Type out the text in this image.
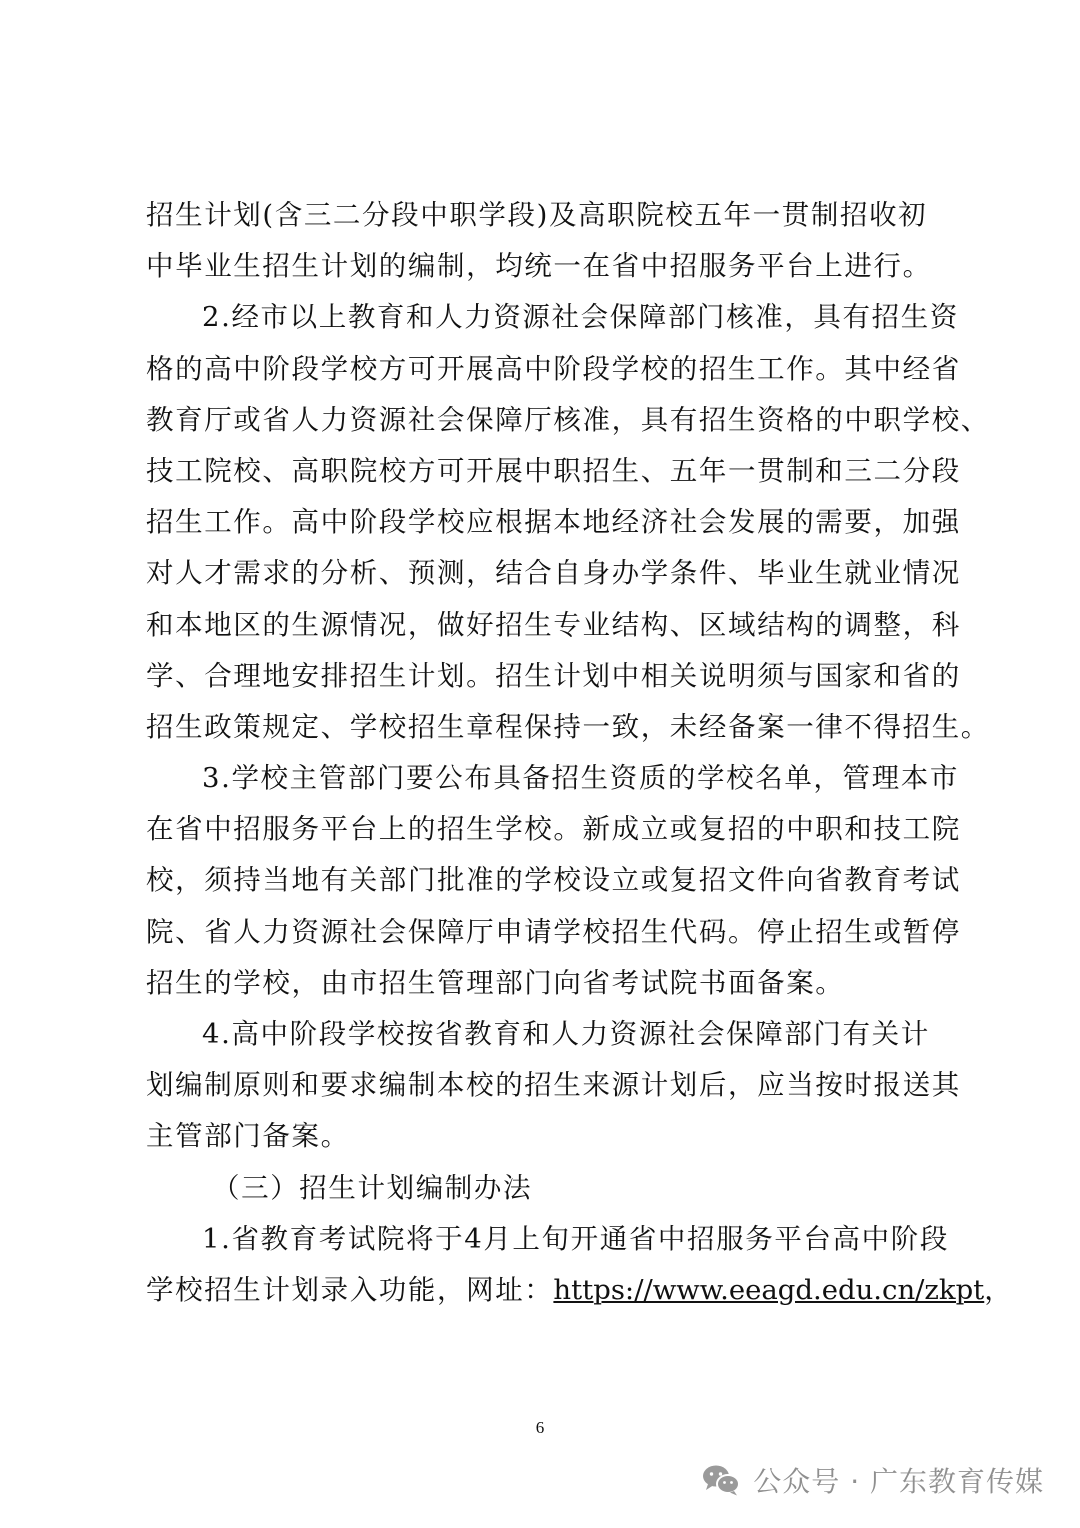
招生计划(含三二分段中职学段)及高职院校五年一贯制招收初
中毕业生招生计划的编制，均统一在省中招服务平台上进行。
2.经市以上教育和人力资源社会保障部门核准，具有招生资
格的高中阶段学校方可开展高中阶段学校的招生工作。其中经省
教育厅或省人力资源社会保障厅核准，具有招生资格的中职学校、
技工院校、高职院校方可开展中职招生、五年一贯制和三二分段
招生工作。高中阶段学校应根据本地经济社会发展的需要，加强
对人才需求的分析、预测，结合自身办学条件、毕业生就业情况
和本地区的生源情况，做好招生专业结构、区域结构的调整，科
学、合理地安排招生计划。招生计划中相关说明须与国家和省的
招生政策规定、学校招生章程保持一致，未经备案一律不得招生。
3.学校主管部门要公布具备招生资质的学校名单，管理本市
在省中招服务平台上的招生学校。新成立或复招的中职和技工院
校，须持当地有关部门批准的学校设立或复招文件向省教育考试
院、省人力资源社会保障厅申请学校招生代码。停止招生或暂停
招生的学校，由市招生管理部门向省考试院书面备案。
4.高中阶段学校按省教育和人力资源社会保障部门有关计
划编制原则和要求编制本校的招生来源计划后，应当按时报送其
主管部门备案。
（三）招生计划编制办法
1.省教育考试院将于4月上旬开通省中招服务平台高中阶段
学校招生计划录入功能，网址：https://www.eeagd.edu.cn/zkpt，
6
公众号 · 广东教育传媒
